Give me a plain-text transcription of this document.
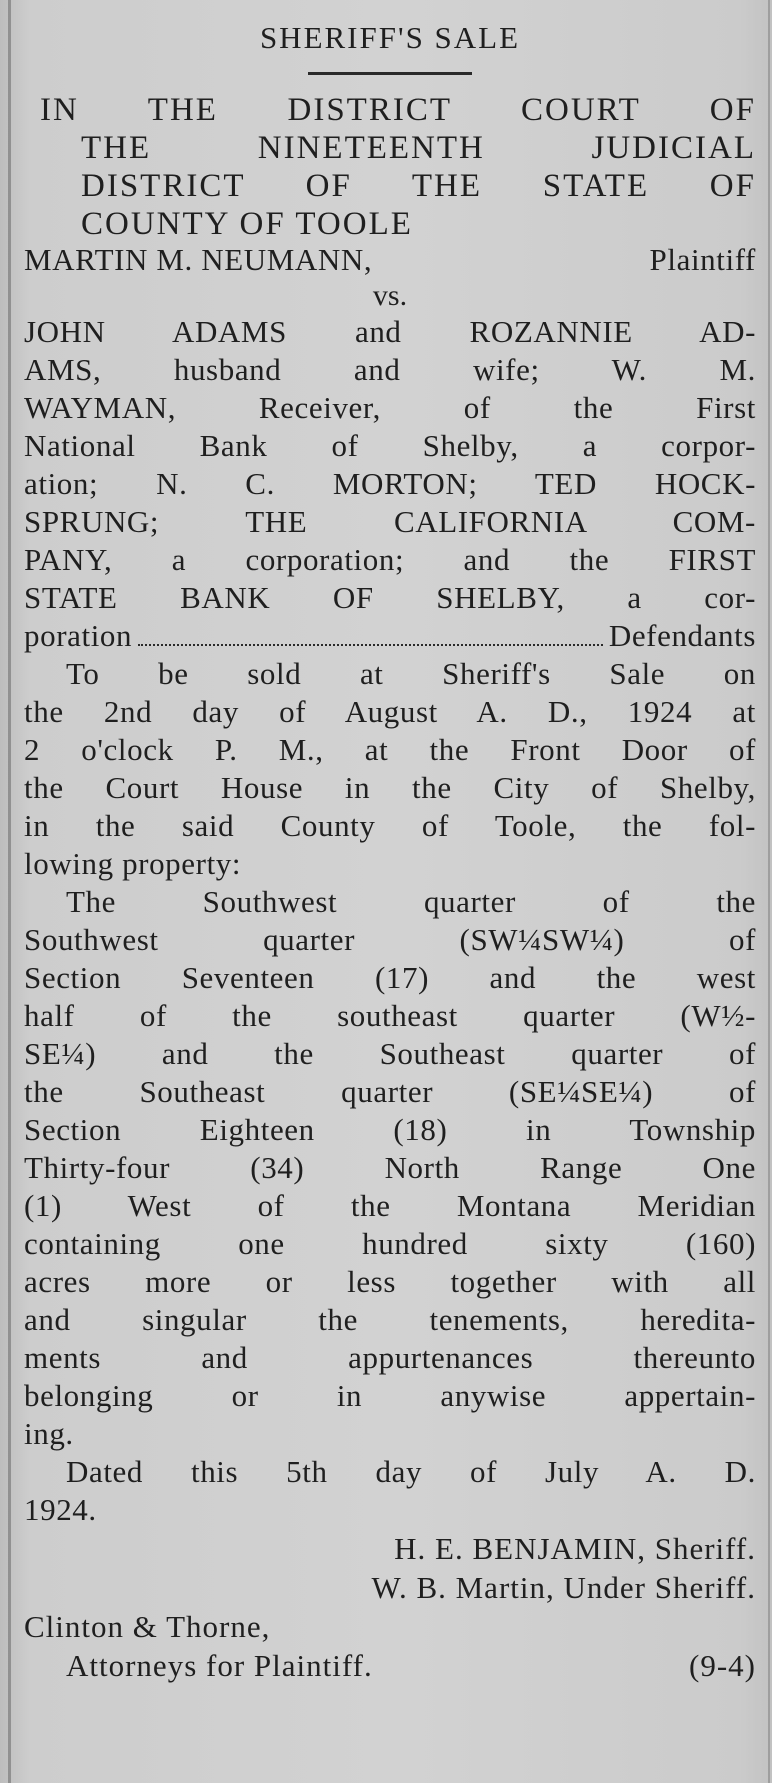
SHERIFF'S SALE
IN THE DISTRICT COURT OF
THE NINETEENTH JUDICIAL
DISTRICT OF THE STATE OF
COUNTY OF TOOLE
MARTIN M. NEUMANN,	Plaintiff
vs.
JOHN ADAMS and ROZANNIE AD-
AMS, husband and wife; W. M.
WAYMAN, Receiver, of the First
National Bank of Shelby, a corpor-
ation; N. C. MORTON; TED HOCK-
SPRUNG; THE CALIFORNIA COM-
PANY, a corporation; and the FIRST
STATE BANK OF SHELBY, a cor-
poration	Defendants
To be sold at Sheriff's Sale on
the 2nd day of August A. D., 1924 at
2 o'clock P. M., at the Front Door of
the Court House in the City of Shelby,
in the said County of Toole, the fol-
lowing property:
The Southwest quarter of the
Southwest quarter (SW¼SW¼) of
Section Seventeen (17) and the west
half of the southeast quarter (W½-
SE¼) and the Southeast quarter of
the Southeast quarter (SE¼SE¼) of
Section Eighteen (18) in Township
Thirty-four (34) North Range One
(1) West of the Montana Meridian
containing one hundred sixty (160)
acres more or less together with all
and singular the tenements, heredita-
ments and appurtenances thereunto
belonging or in anywise appertain-
ing.
Dated this 5th day of July A. D.
1924.
H. E. BENJAMIN, Sheriff.
W. B. Martin, Under Sheriff.
Clinton & Thorne,
Attorneys for Plaintiff.	(9-4)
